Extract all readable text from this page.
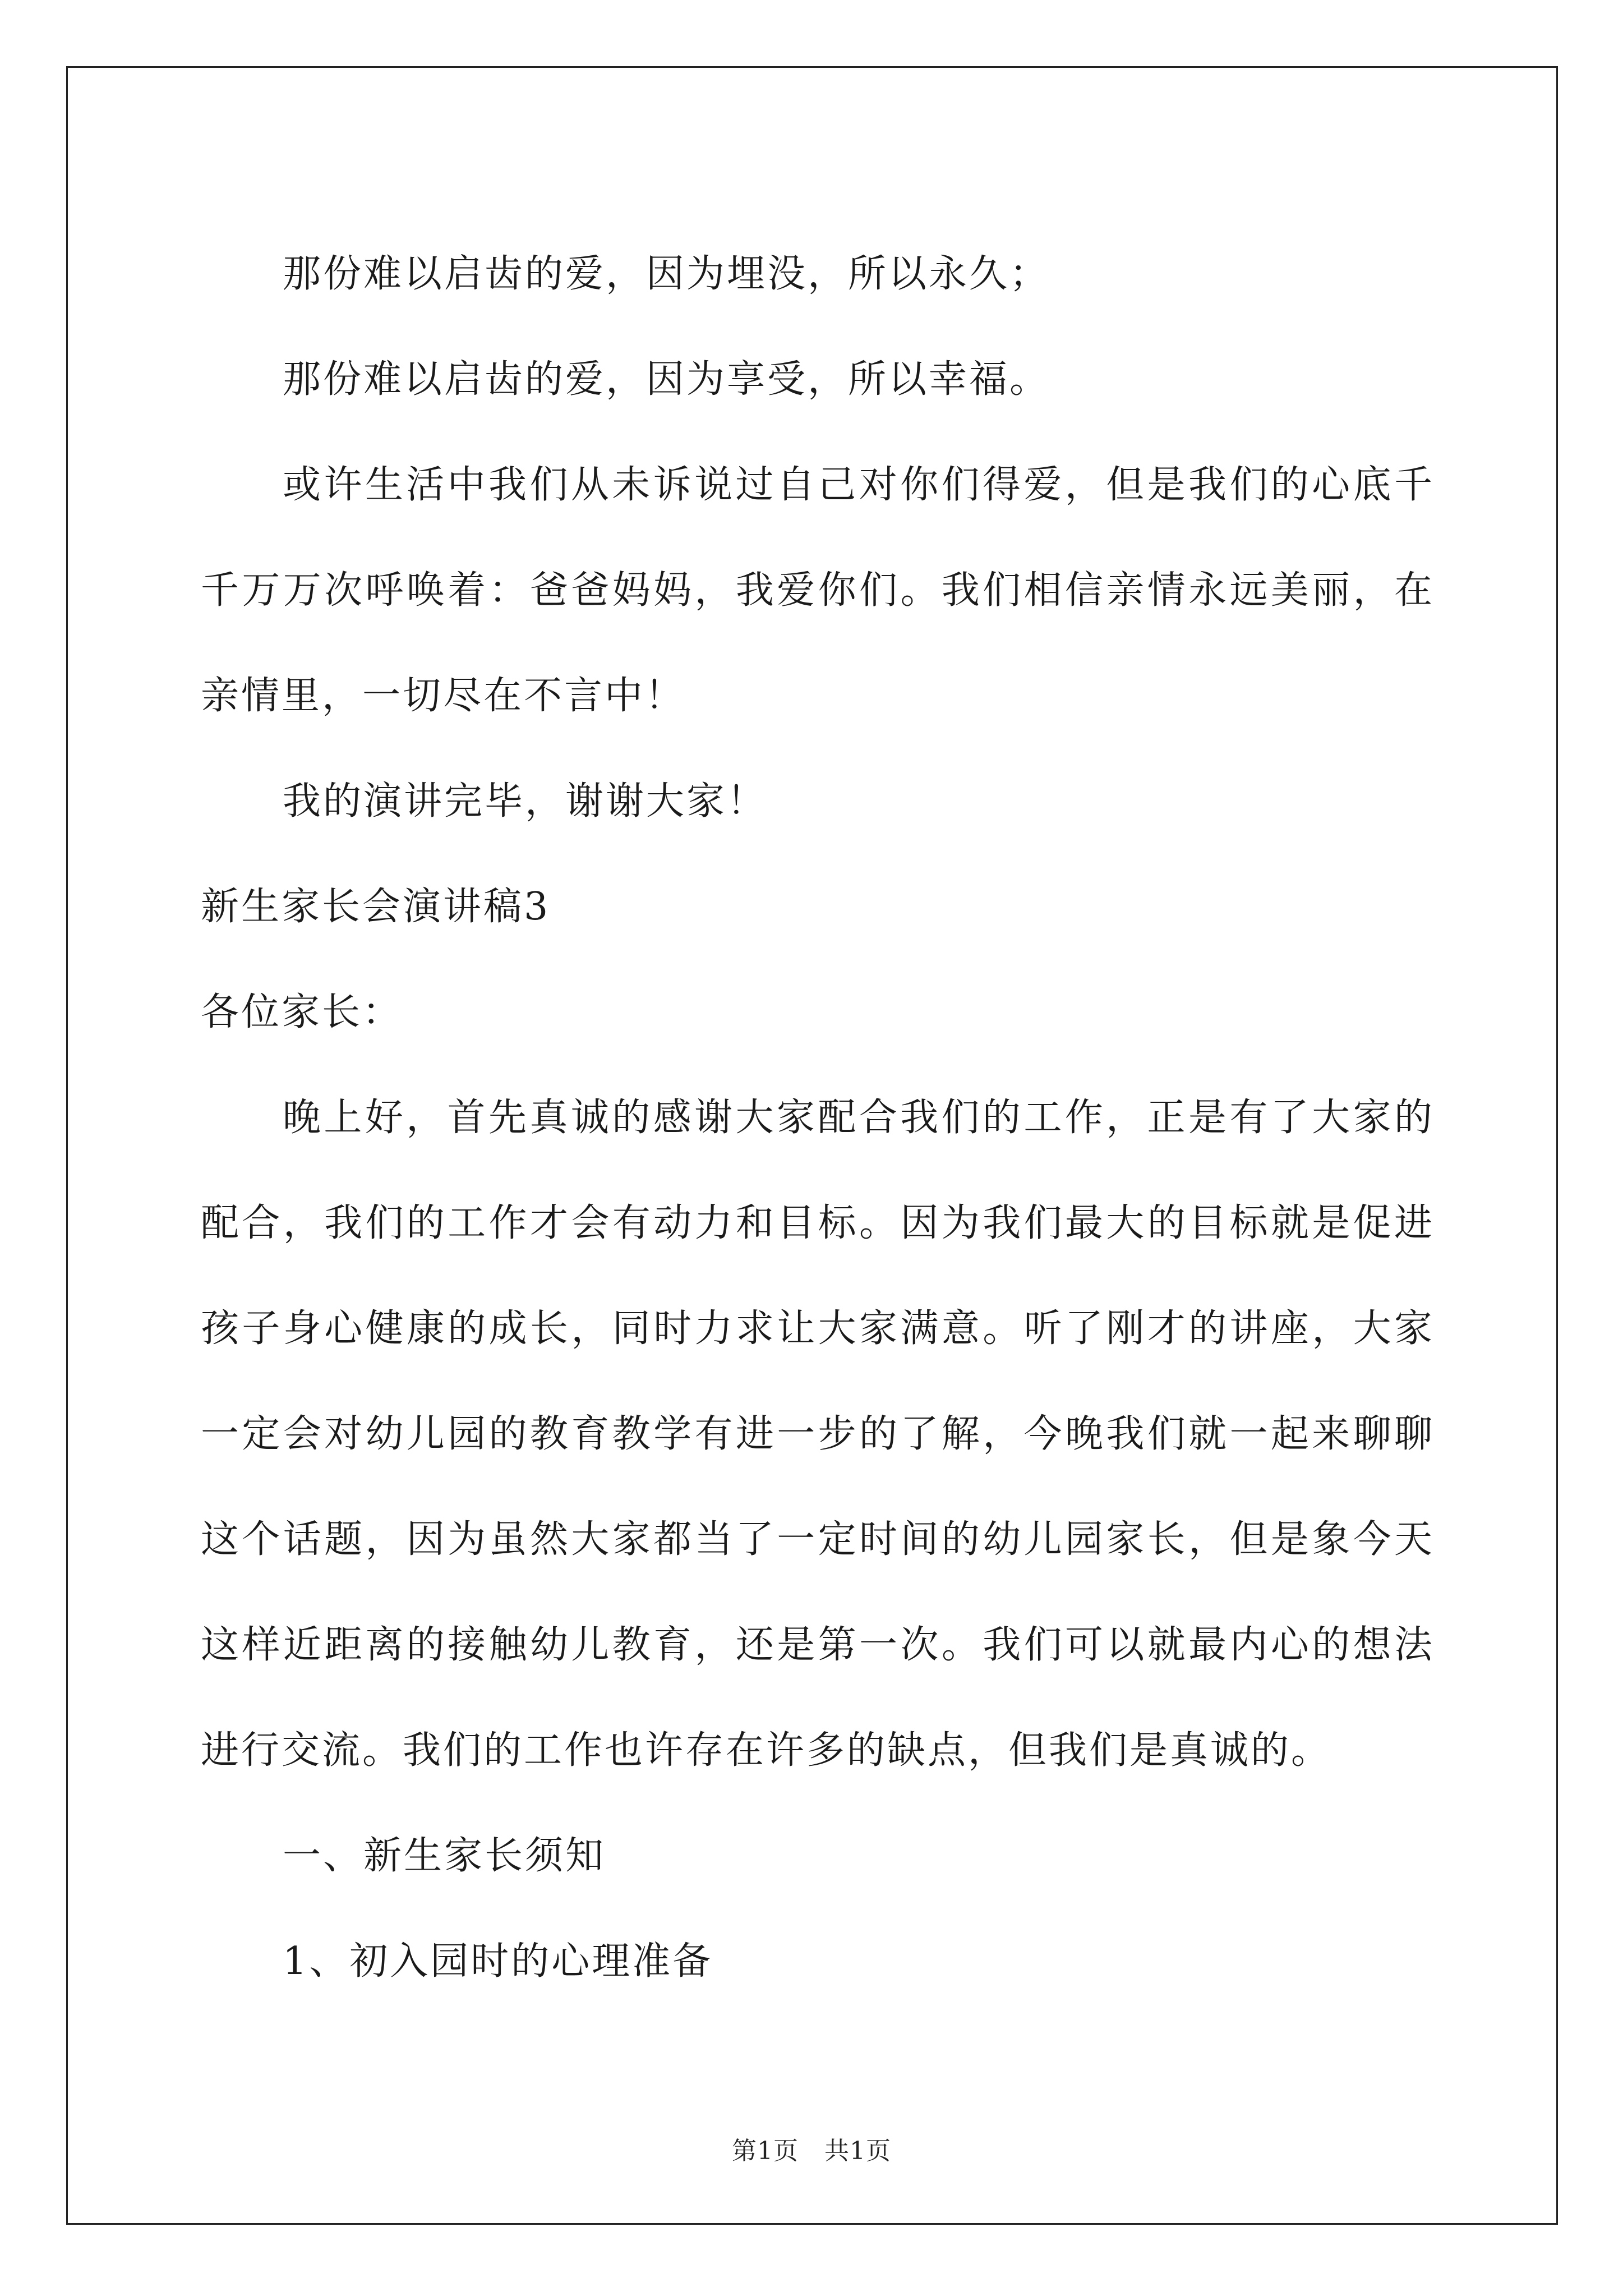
那份难以启齿的爱，因为埋没，所以永久；

那份难以启齿的爱，因为享受，所以幸福。

或许生活中我们从未诉说过自己对你们得爱，但是我们的心底千千万万次呼唤着：爸爸妈妈，我爱你们。我们相信亲情永远美丽，在亲情里，一切尽在不言中！

我的演讲完毕，谢谢大家！

新生家长会演讲稿3

各位家长：

晚上好，首先真诚的感谢大家配合我们的工作，正是有了大家的配合，我们的工作才会有动力和目标。因为我们最大的目标就是促进孩子身心健康的成长，同时力求让大家满意。听了刚才的讲座，大家一定会对幼儿园的教育教学有进一步的了解，今晚我们就一起来聊聊这个话题，因为虽然大家都当了一定时间的幼儿园家长，但是象今天这样近距离的接触幼儿教育，还是第一次。我们可以就最内心的想法进行交流。我们的工作也许存在许多的缺点，但我们是真诚的。

一、新生家长须知

1、初入园时的心理准备

第1页 共1页
